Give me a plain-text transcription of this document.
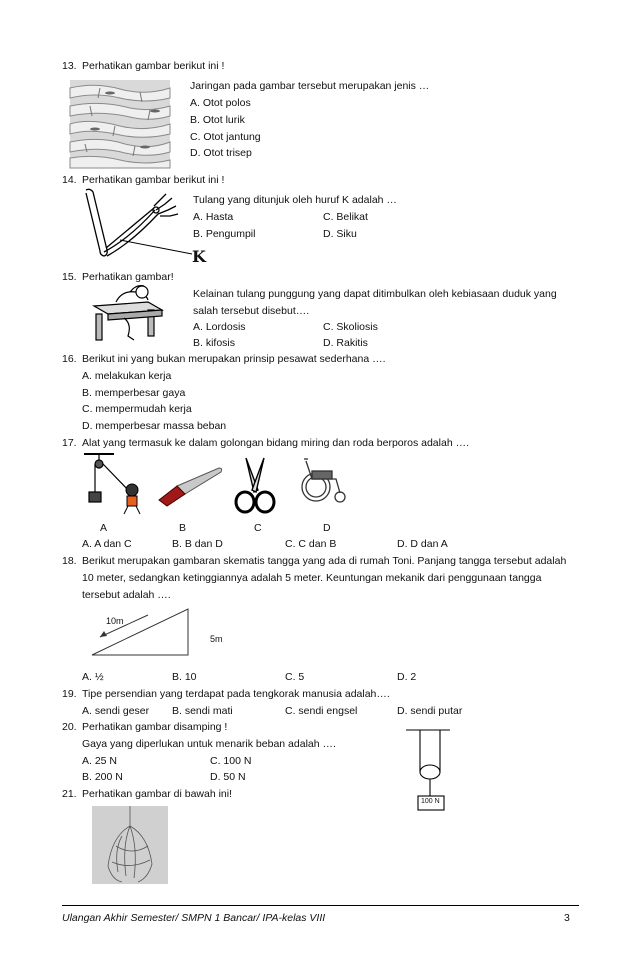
13. Perhatikan gambar berikut ini !
Jaringan pada gambar tersebut merupakan jenis …
A. Otot polos
B. Otot lurik
C. Otot jantung
D. Otot trisep
14. Perhatikan gambar berikut ini !
Tulang yang ditunjuk oleh huruf K adalah …
A. Hasta	C. Belikat
B. Pengumpil	D. Siku
K
15. Perhatikan gambar!
Kelainan tulang punggung yang dapat ditimbulkan oleh kebiasaan duduk yang
salah tersebut disebut….
A. Lordosis	C. Skoliosis
B. kifosis	D. Rakitis
16. Berikut ini yang bukan merupakan prinsip pesawat sederhana ….
A. melakukan kerja
B. memperbesar gaya
C. mempermudah kerja
D. memperbesar massa beban
17. Alat yang termasuk ke dalam golongan bidang miring dan roda berporos adalah ….
A	B	C	D
A. A dan C	B. B dan D	C. C dan B	D. D dan A
18. Berikut merupakan gambaran skematis tangga yang ada di rumah Toni. Panjang tangga tersebut adalah
10 meter, sedangkan ketinggiannya adalah 5 meter. Keuntungan mekanik dari penggunaan tangga
tersebut adalah ….
10m
5m
A. ½	B. 10	C. 5	D. 2
19. Tipe persendian yang terdapat pada tengkorak manusia adalah….
A. sendi geser B. sendi mati	C. sendi engsel	D. sendi putar
20. Perhatikan gambar disamping !
Gaya yang diperlukan untuk menarik beban adalah ….
A. 25 N	C. 100 N
B. 200 N	D. 50 N
100 N
21. Perhatikan gambar di bawah ini!
Ulangan Akhir Semester/ SMPN 1 Bancar/ IPA-kelas VIII	3
